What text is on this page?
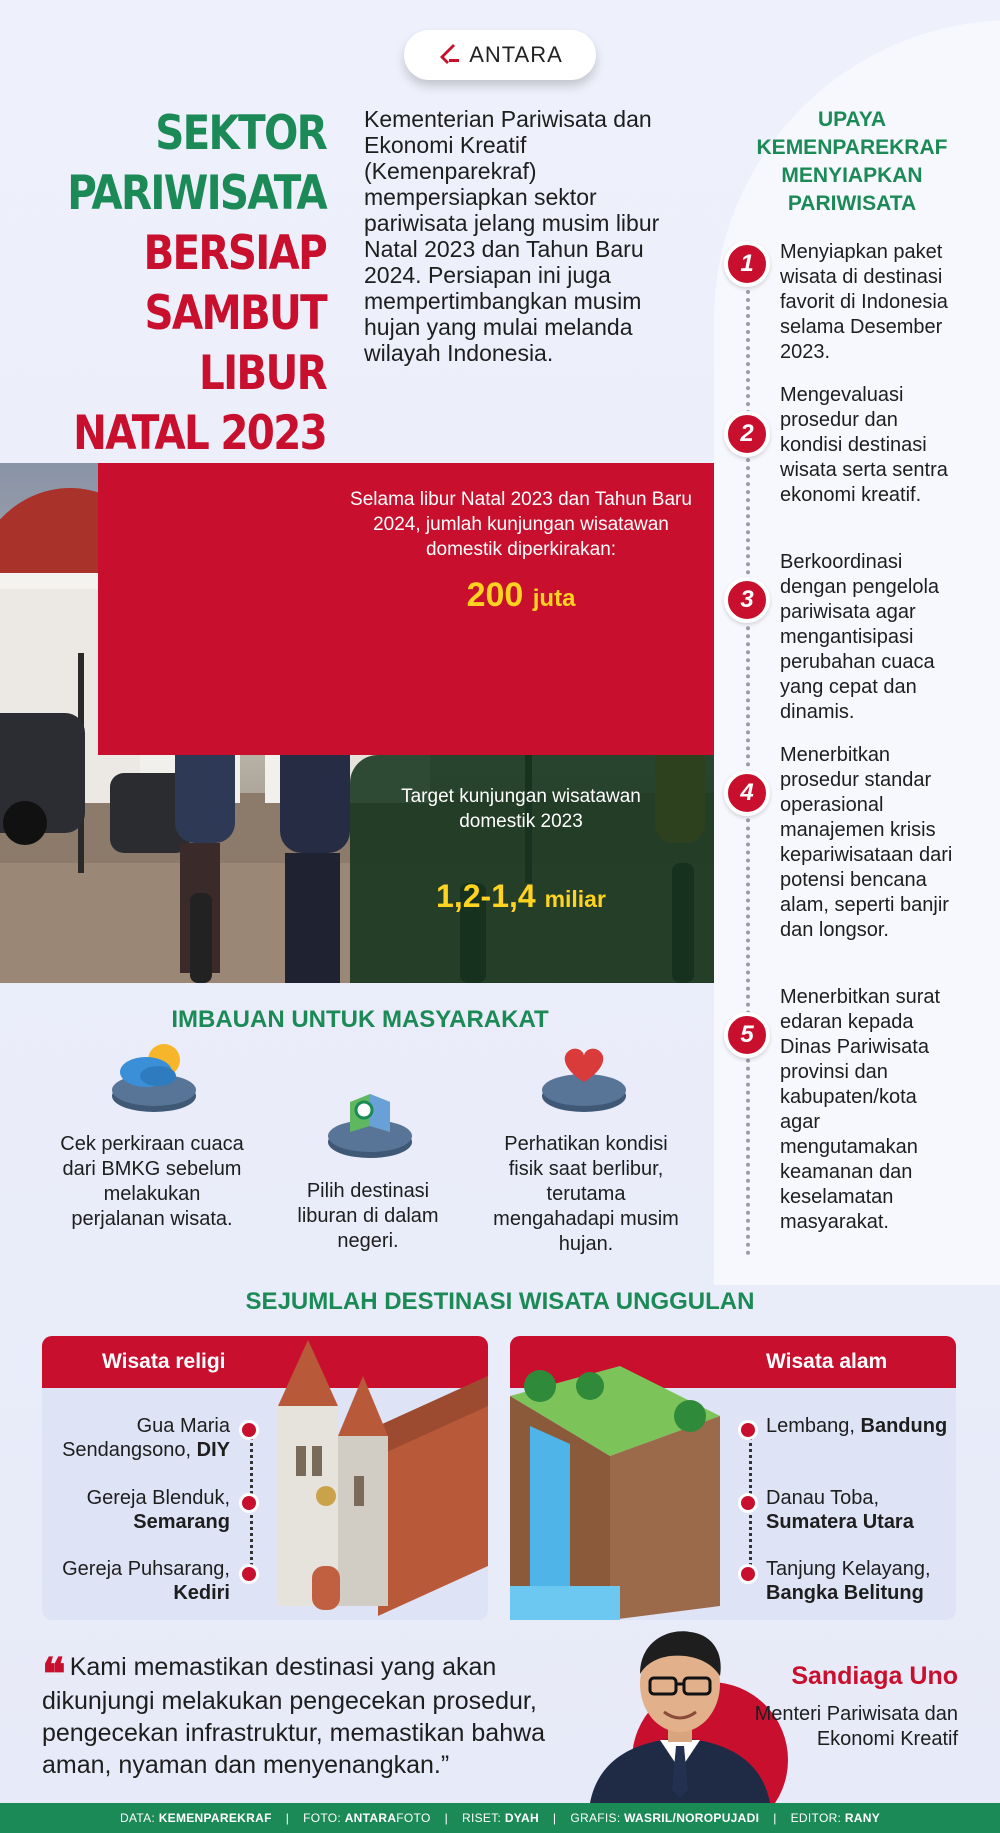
ANTARA
SEKTOR
PARIWISATA
BERSIAP
SAMBUT LIBUR
NATAL 2023
Kementerian Pariwisata dan Ekonomi Kreatif (Kemenparekraf) mempersiapkan sektor pariwisata jelang musim libur Natal 2023 dan Tahun Baru 2024. Persiapan ini juga mempertimbangkan musim hujan yang mulai melanda wilayah Indonesia.
UPAYA KEMENPAREKRAF MENYIAPKAN PARIWISATA
1	Menyiapkan paket wisata di destinasi favorit di Indonesia selama Desember 2023.
2
Mengevaluasi prosedur dan kondisi destinasi wisata serta sentra ekonomi kreatif.
3
Berkoordinasi dengan pengelola pariwisata agar mengantisipasi perubahan cuaca yang cepat dan dinamis.
4
Menerbitkan prosedur standar operasional manajemen krisis kepariwisataan dari potensi bencana alam, seperti banjir dan longsor.
5
Menerbitkan surat edaran kepada Dinas Pariwisata provinsi dan kabupaten/kota agar mengutamakan keamanan dan keselamatan masyarakat.
Selama libur Natal 2023 dan Tahun Baru 2024, jumlah kunjungan wisatawan domestik diperkirakan:
200 juta
Target kunjungan wisatawan domestik 2023
1,2-1,4 miliar
IMBAUAN UNTUK MASYARAKAT
Cek perkiraan cuaca dari BMKG sebelum melakukan perjalanan wisata.
Pilih destinasi liburan di dalam negeri.
Perhatikan kondisi fisik saat berlibur, terutama mengahadapi musim hujan.
SEJUMLAH DESTINASI WISATA UNGGULAN
Wisata religi
Gua Maria Sendangsono, DIY
Gereja Blenduk, Semarang
Gereja Puhsarang, Kediri
Wisata alam
Lembang, Bandung
Danau Toba, Sumatera Utara
Tanjung Kelayang, Bangka Belitung
❝ Kami memastikan destinasi yang akan dikunjungi melakukan pengecekan prosedur, pengecekan infrastruktur, memastikan bahwa aman, nyaman dan menyenangkan.”
Sandiaga Uno
Menteri Pariwisata dan Ekonomi Kreatif
DATA: KEMENPAREKRAF | FOTO: ANTARAFOTO | RISET: DYAH | GRAFIS: WASRIL/NOROPUJADI | EDITOR: RANY
